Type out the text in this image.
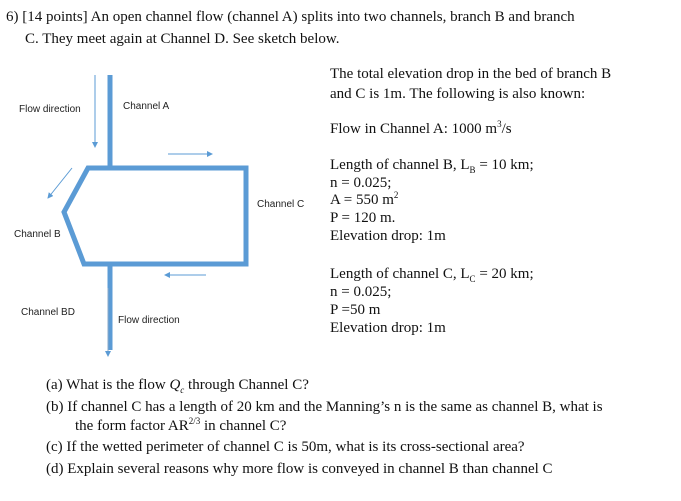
6) [14 points] An open channel flow (channel A) splits into two channels, branch B and branch
C. They meet again at Channel D. See sketch below.
Flow direction	Channel A
Channel C
Channel B
Channel BD
Flow direction
The total elevation drop in the bed of branch B
and C is 1m. The following is also known:
Flow in Channel A: 1000 $m^3/s$
Length of channel B, $L_B = 10$ km;
n = 0.025;
A = 550 $m^2$
P = 120 m.
Elevation drop: 1m
Length of channel C, $L_C = 20$ km;
n = 0.025;
P =50 m
Elevation drop: 1m
(a) What is the flow $Q_c$ through Channel C?
(b) If channel C has a length of 20 km and the Manning’s n is the same as channel B, what is
the form factor $AR^{2/3}$ in channel C?
(c) If the wetted perimeter of channel C is 50m, what is its cross-sectional area?
(d) Explain several reasons why more flow is conveyed in channel B than channel C
